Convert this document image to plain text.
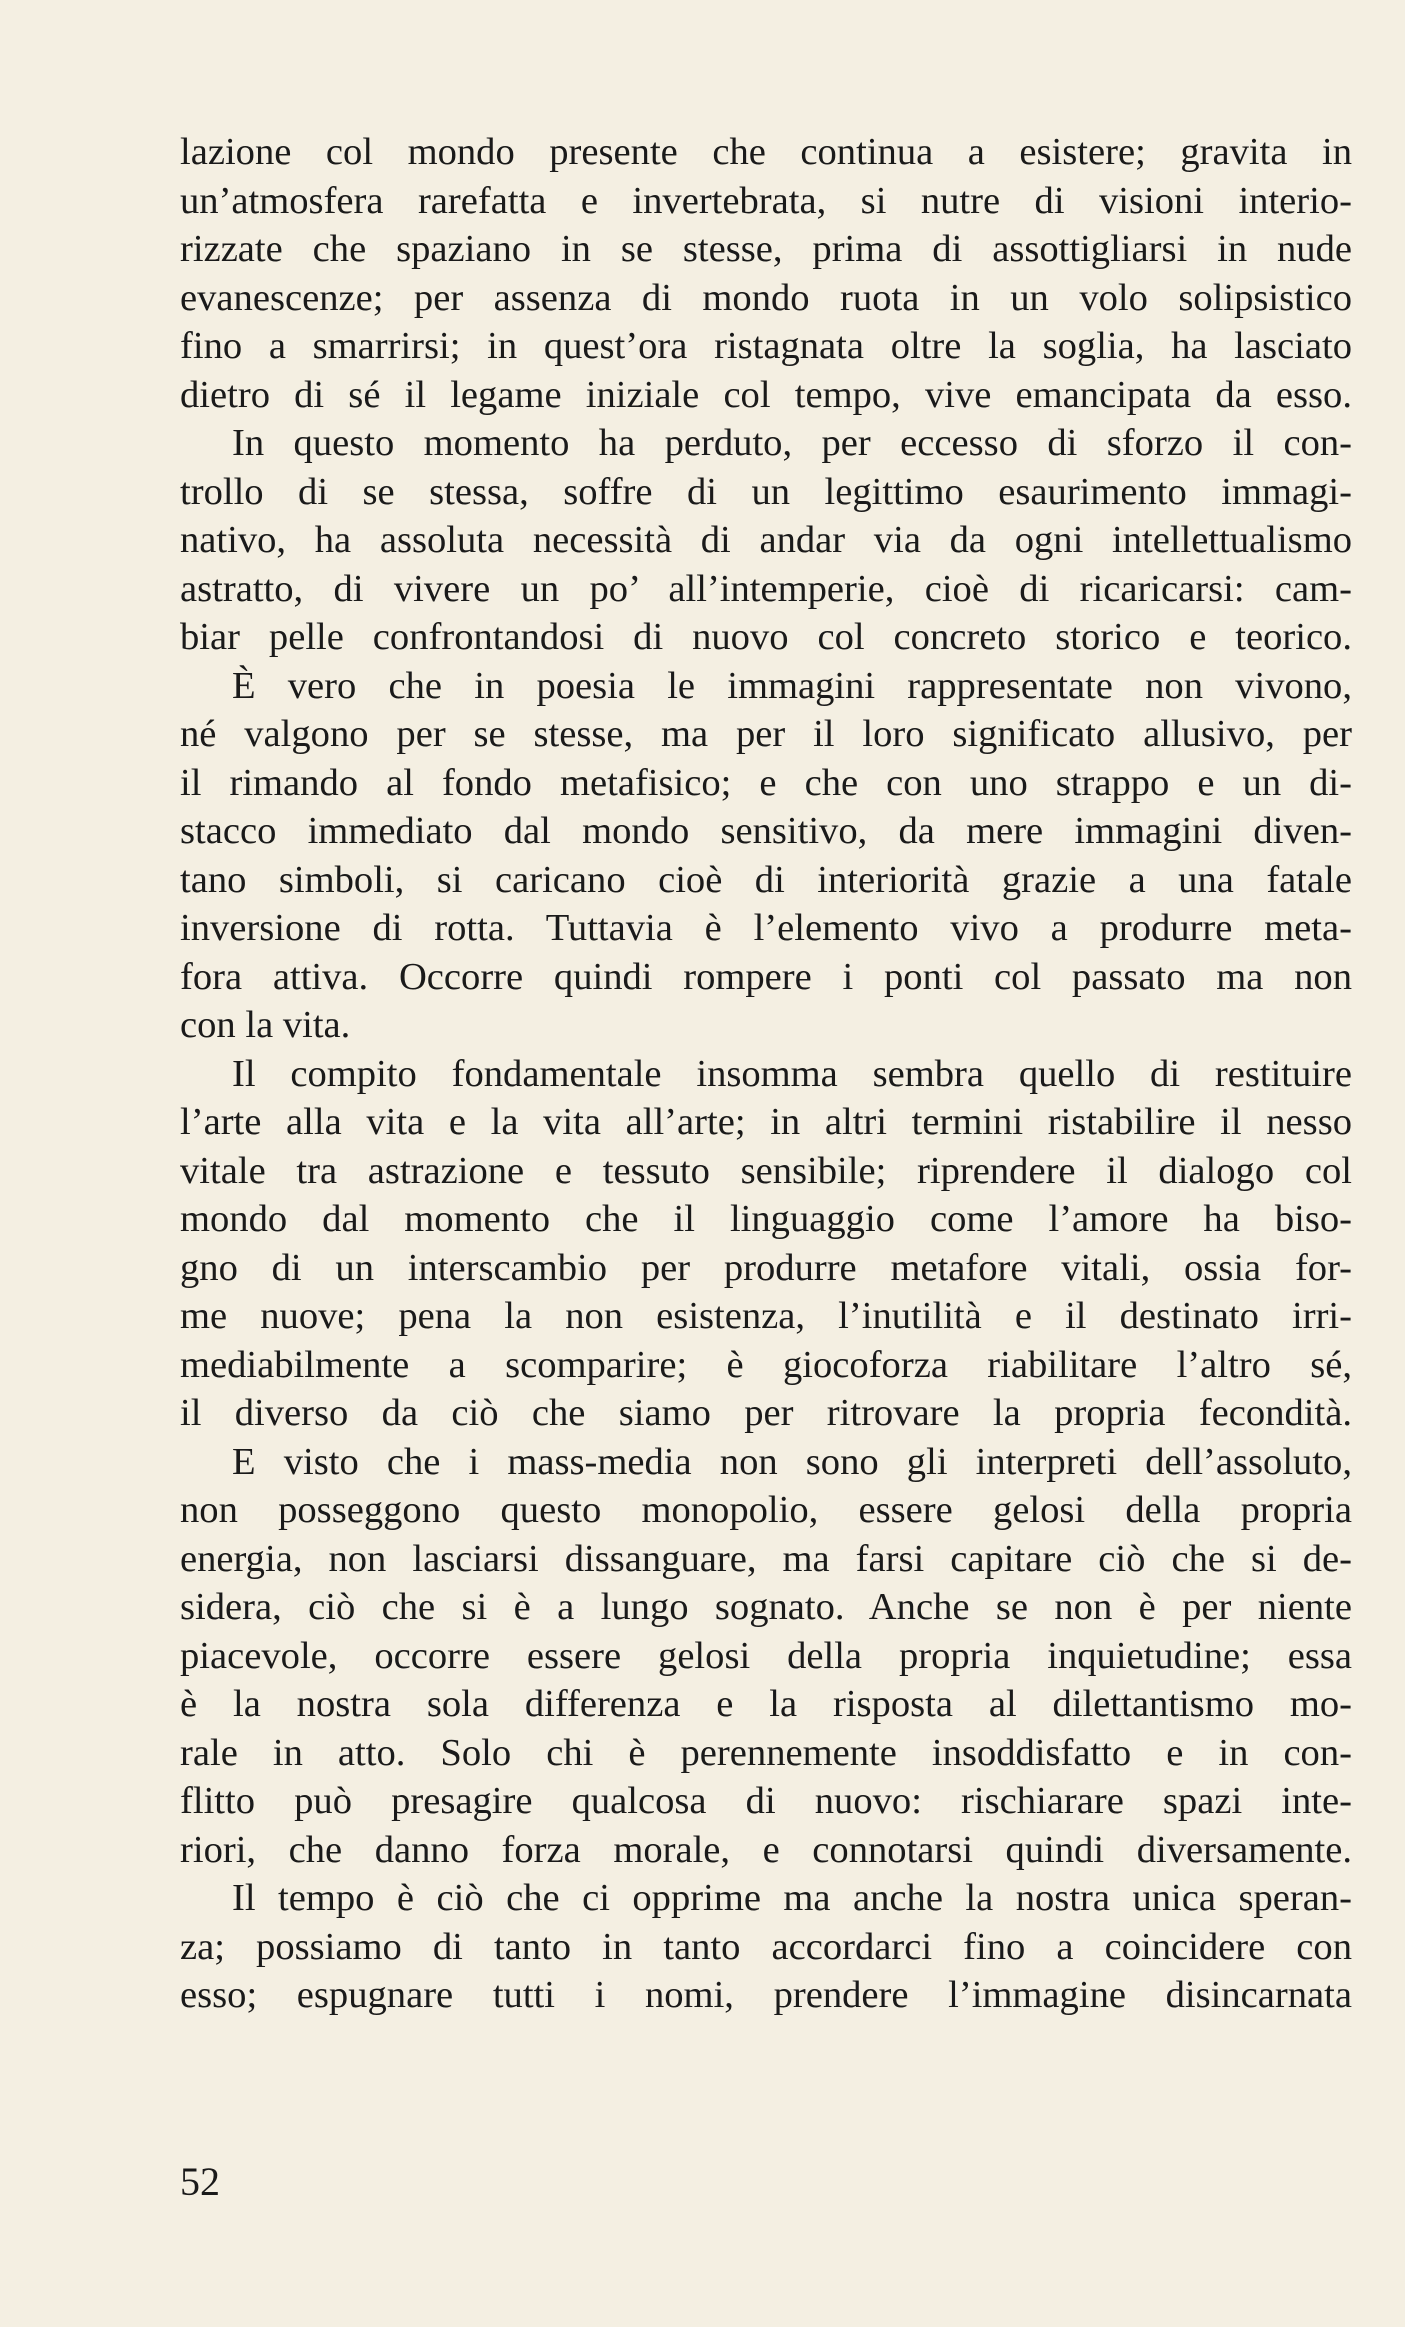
lazione col mondo presente che continua a esistere; gravita in
un’atmosfera rarefatta e invertebrata, si nutre di visioni interio-
rizzate che spaziano in se stesse, prima di assottigliarsi in nude
evanescenze; per assenza di mondo ruota in un volo solipsistico
fino a smarrirsi; in quest’ora ristagnata oltre la soglia, ha lasciato
dietro di sé il legame iniziale col tempo, vive emancipata da esso.
In questo momento ha perduto, per eccesso di sforzo il con-
trollo di se stessa, soffre di un legittimo esaurimento immagi-
nativo, ha assoluta necessità di andar via da ogni intellettualismo
astratto, di vivere un po’ all’intemperie, cioè di ricaricarsi: cam-
biar pelle confrontandosi di nuovo col concreto storico e teorico.
È vero che in poesia le immagini rappresentate non vivono,
né valgono per se stesse, ma per il loro significato allusivo, per
il rimando al fondo metafisico; e che con uno strappo e un di-
stacco immediato dal mondo sensitivo, da mere immagini diven-
tano simboli, si caricano cioè di interiorità grazie a una fatale
inversione di rotta. Tuttavia è l’elemento vivo a produrre meta-
fora attiva. Occorre quindi rompere i ponti col passato ma non
con la vita.
Il compito fondamentale insomma sembra quello di restituire
l’arte alla vita e la vita all’arte; in altri termini ristabilire il nesso
vitale tra astrazione e tessuto sensibile; riprendere il dialogo col
mondo dal momento che il linguaggio come l’amore ha biso-
gno di un interscambio per produrre metafore vitali, ossia for-
me nuove; pena la non esistenza, l’inutilità e il destinato irri-
mediabilmente a scomparire; è giocoforza riabilitare l’altro sé,
il diverso da ciò che siamo per ritrovare la propria fecondità.
E visto che i mass-media non sono gli interpreti dell’assoluto,
non posseggono questo monopolio, essere gelosi della propria
energia, non lasciarsi dissanguare, ma farsi capitare ciò che si de-
sidera, ciò che si è a lungo sognato. Anche se non è per niente
piacevole, occorre essere gelosi della propria inquietudine; essa
è la nostra sola differenza e la risposta al dilettantismo mo-
rale in atto. Solo chi è perennemente insoddisfatto e in con-
flitto può presagire qualcosa di nuovo: rischiarare spazi inte-
riori, che danno forza morale, e connotarsi quindi diversamente.
Il tempo è ciò che ci opprime ma anche la nostra unica speran-
za; possiamo di tanto in tanto accordarci fino a coincidere con
esso; espugnare tutti i nomi, prendere l’immagine disincarnata
52
